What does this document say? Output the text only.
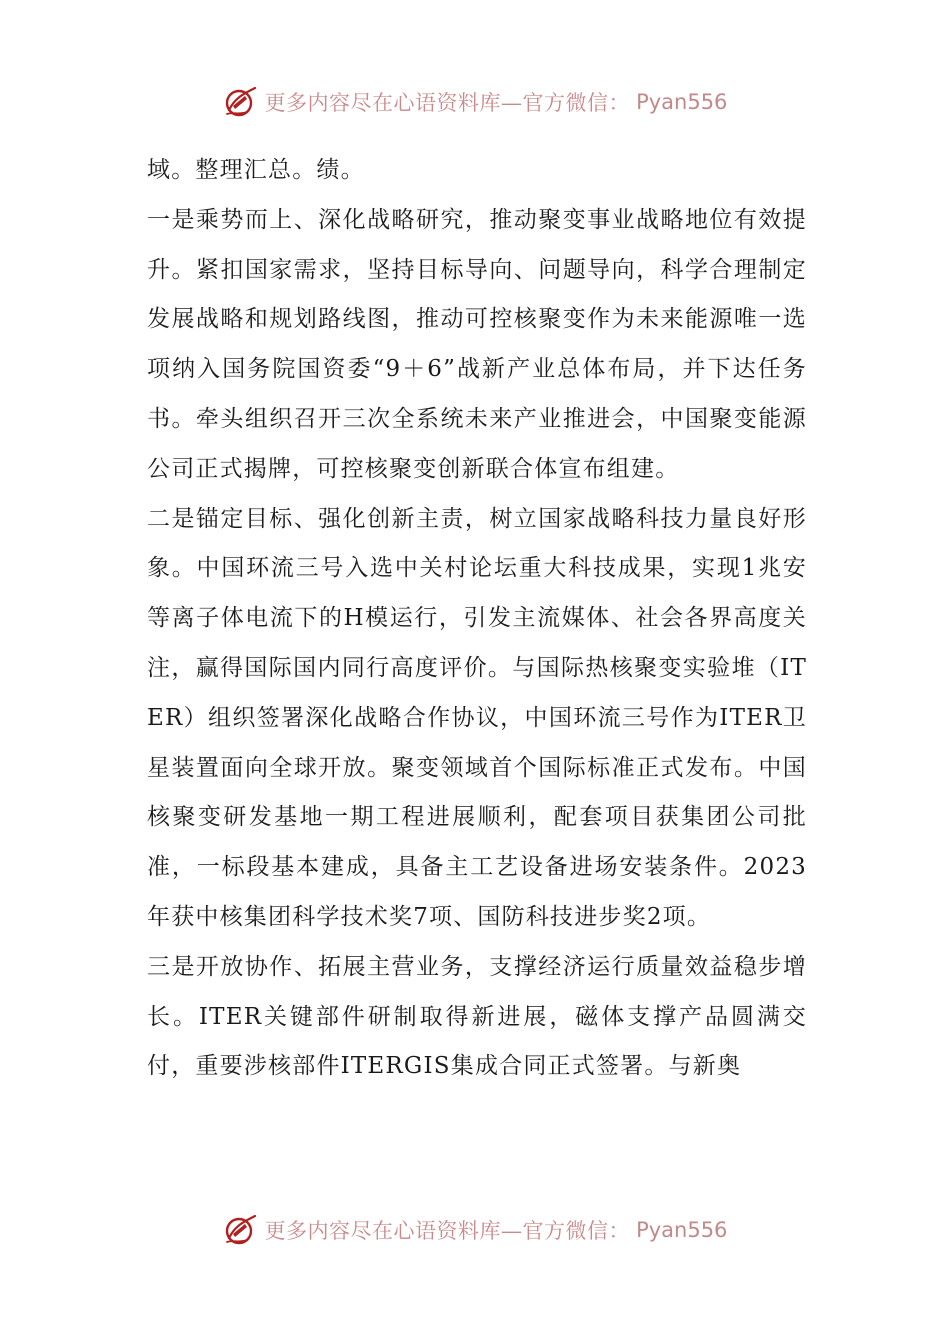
更多内容尽在心语资料库—官方微信： Pyan556

域。整理汇总。绩。

一是乘势而上、深化战略研究，推动聚变事业战略地位有效提升。紧扣国家需求，坚持目标导向、问题导向，科学合理制定发展战略和规划路线图，推动可控核聚变作为未来能源唯一选项纳入国务院国资委“9＋6”战新产业总体布局，并下达任务书。牵头组织召开三次全系统未来产业推进会，中国聚变能源公司正式揭牌，可控核聚变创新联合体宣布组建。

二是锚定目标、强化创新主责，树立国家战略科技力量良好形象。中国环流三号入选中关村论坛重大科技成果，实现1兆安等离子体电流下的H模运行，引发主流媒体、社会各界高度关注，赢得国际国内同行高度评价。与国际热核聚变实验堆（ITER）组织签署深化战略合作协议，中国环流三号作为ITER卫星装置面向全球开放。聚变领域首个国际标准正式发布。中国核聚变研发基地一期工程进展顺利，配套项目获集团公司批准，一标段基本建成，具备主工艺设备进场安装条件。2023年获中核集团科学技术奖7项、国防科技进步奖2项。

三是开放协作、拓展主营业务，支撑经济运行质量效益稳步增长。ITER关键部件研制取得新进展，磁体支撑产品圆满交付，重要涉核部件ITERGIS集成合同正式签署。与新奥

更多内容尽在心语资料库—官方微信： Pyan556
